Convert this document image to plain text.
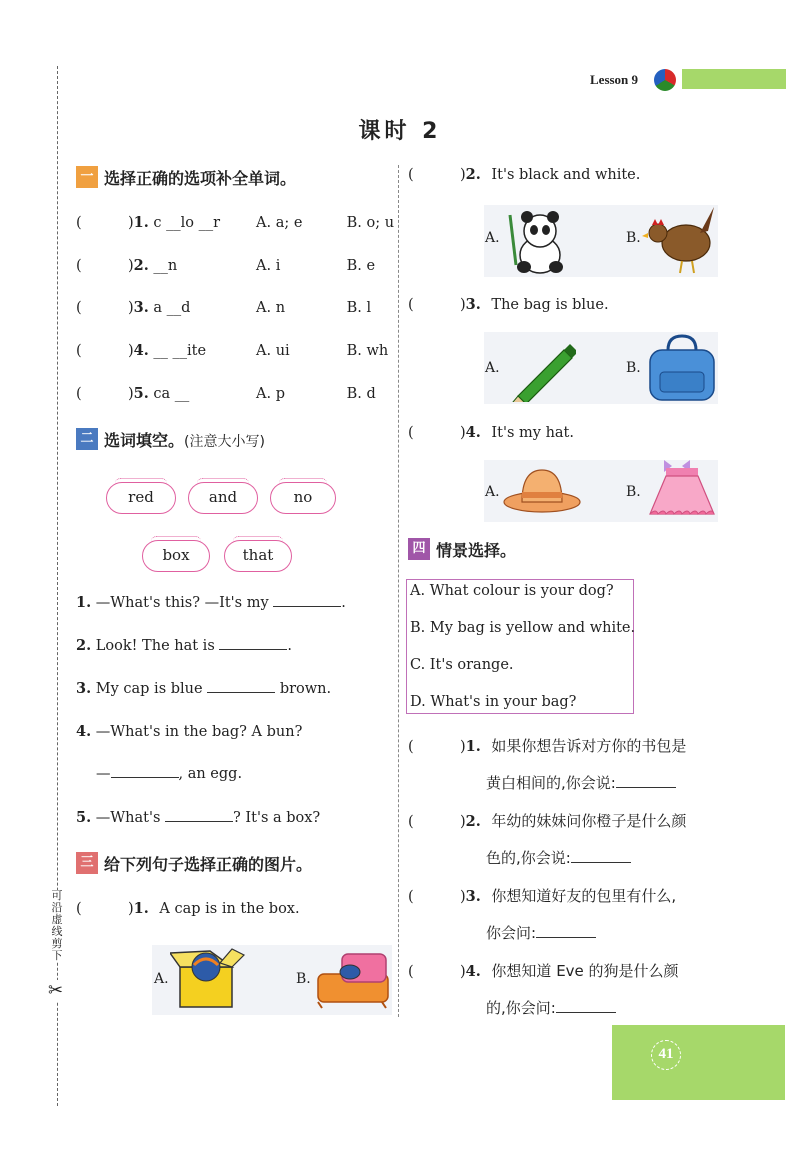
可沿虚线剪下
✂
Lesson 9
课时 2
一 选择正确的选项补全单词。
(	)1. c __lo __r A. a; e	B. o; u
(	)2. __n	A. i	B. e
(	)3. a __d	A. n	B. l
(	)4. __ __ite	A. ui	B. wh
(	)5. ca __	A. p	B. d
二 选词填空。(注意大小写)
red	and	no
box	that
1. —What's this? —It's my	.
2. Look! The hat is	.
3. My cap is blue	brown.
4. —What's in the bag? A bun?
—	, an egg.
5. —What's	? It's a box?
三 给下列句子选择正确的图片。
(	)1. A cap is in the box.
A.	B.
(	)2. It's black and white.
A.	B.
(	)3. The bag is blue.
A.	B.
(	)4. It's my hat.
A.	B.
四 情景选择。
A. What colour is your dog?
B. My bag is yellow and white.
C. It's orange.
D. What's in your bag?
(	)1. 如果你想告诉对方你的书包是
黄白相间的,你会说:
(	)2. 年幼的妹妹问你橙子是什么颜
色的,你会说:
(	)3. 你想知道好友的包里有什么,
你会问:
(	)4. 你想知道 Eve 的狗是什么颜
的,你会问:
41
